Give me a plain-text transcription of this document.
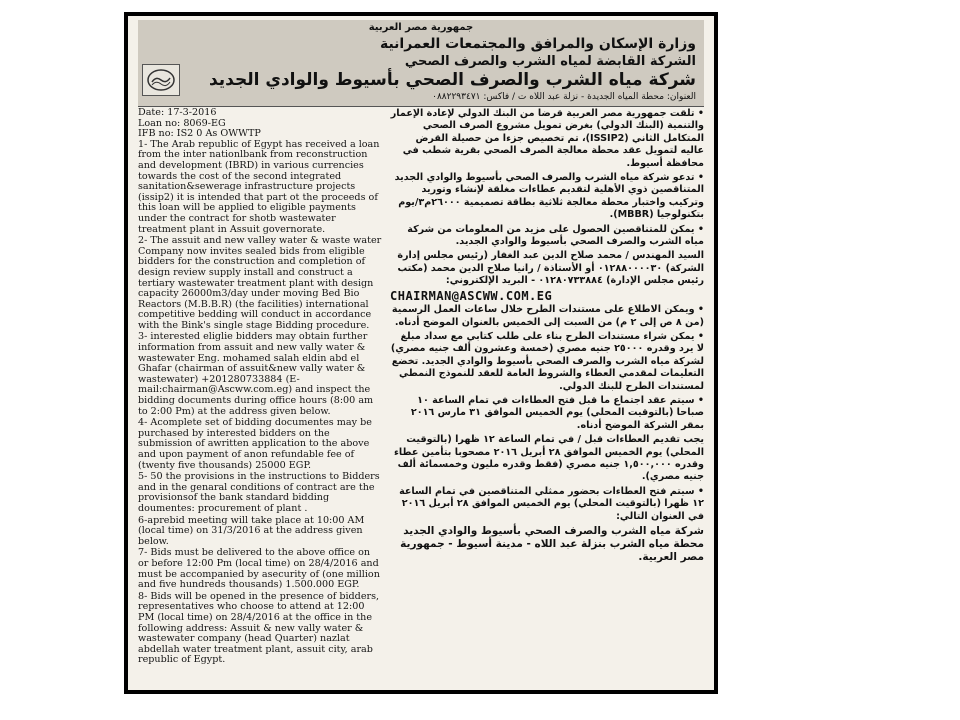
جمهورية مصر العربية
وزارة الإسكان والمرافق والمجتمعات العمرانية
الشركة القابضة لمياه الشرب والصرف الصحي
شركة مياه الشرب والصرف الصحي بأسيوط والوادي الجديد
العنوان: محطة المياه الجديدة - نزلة عبد اللاه ت / فاكس: ٠٨٨٢٢٩٣٤٧١

Date: 17-3-2016

Loan no: 8069-EG

IFB no: IS2 0 As OWWTP

1- The Arab republic of Egypt has received a loan from the inter nationlbank from reconstruction and development (IBRD) in various currencies towards the cost of the second integrated sanitation&sewerage infrastructure projects (issip2) it is intended that part ot the proceeds of this loan will be applied to eligible payments under the contract for shotb wastewater treatment plant in Assuit governorate.
2- The assuit and new valley water & waste water Company now invites sealed bids from eligible bidders for the construction and completion of design review supply install and construct a tertiary wastewater treatment plant with design capacity 26000m3/day under moving Bed Bio Reactors (M.B.B.R) (the facilities) international competitive bedding will conduct in accordance with the Bink's single stage Bidding procedure.
3- interested eliglie bidders may obtain further information from assuit and new vally water & wastewater Eng. mohamed salah eldin abd el Ghafar (chairman of assuit&new vally water & wastewater) +201280733884 (E-mail:chairman@Ascww.com.eg) and inspect the bidding documents during office hours (8:00 am to 2:00 Pm) at the address given below.
4- Acomplete set of bidding documentes may be purchased by interested bidders on the submission of awritten application to the above and upon payment of anon refundable fee of (twenty five thousands) 25000 EGP.
5- 50 the provisions in the instructions to Bidders and in the genaral conditions of contract are the provisionsof the bank standard bidding doumentes: procurement of plant .
6-aprebid meeting will take place at 10:00 AM (local time) on 31/3/2016 at the address given below.
7- Bids must be delivered to the above office on or before 12:00 Pm (local time) on 28/4/2016 and must be accompanied by asecurity of (one million and five hundreds thousands) 1.500.000 EGP.
8- Bids will be opened in the presence of bidders, representatives who choose to attend at 12:00 PM (local time) on 28/4/2016 at the office in the following address: Assuit & new vally water & wastewater company (head Quarter) nazlat abdellah water treatment plant, assuit city, arab republic of Egypt.

• تلقت جمهورية مصر العربية قرضا من البنك الدولي لإعادة الإعمار والتنمية (البنك الدولي) بغرض تمويل مشروع الصرف الصحي المتكامل الثاني (ISSIP2)، تم تخصيص جزءا من حصيلة القرض عاليه لتمويل عقد محطة معالجة الصرف الصحي بقرية شطب في محافظة أسيوط.

• تدعو شركة مياه الشرب والصرف الصحي بأسيوط والوادي الجديد المتناقصين ذوي الأهلية لتقديم عطاءات مغلقة لإنشاء وتوريد وتركيب واختبار محطة معالجة ثلاثية بطاقة تصميمية ٢٦٠٠٠م٣/يوم بتكنولوجيا (MBBR).

• يمكن للمتناقصين الحصول على مزيد من المعلومات من شركة مياه الشرب والصرف الصحي بأسيوط والوادي الجديد.

السيد المهندس / محمد صلاح الدين عبد الغفار (رئيس مجلس إدارة الشركة) ٠١٢٨٨٠٠٠٠٣٠ أو الأستاذة / رانيا صلاح الدين محمد (مكتب رئيس مجلس الإدارة) ٠١٢٨٠٧٣٣٨٨٤ - البريد الإلكتروني:

CHAIRMAN@ASCWW.COM.EG

• ويمكن الاطلاع على مستندات الطرح خلال ساعات العمل الرسمية (من ٨ ص إلى ٢ م) من السبت إلى الخميس بالعنوان الموضح أدناه.

• يمكن شراء مستندات الطرح بناء على طلب كتابي مع سداد مبلغ لا يرد وقدره ٢٥٠٠٠ جنيه مصري (خمسة وعشرون ألف جنيه مصري) لشركة مياه الشرب والصرف الصحي بأسيوط والوادي الجديد. تخضع التعليمات لمقدمي العطاء والشروط العامة للعقد للنموذج النمطي لمستندات الطرح للبنك الدولي.

• سيتم عقد اجتماع ما قبل فتح العطاءات في تمام الساعة ١٠ صباحا (بالتوقيت المحلي) يوم الخميس الموافق ٣١ مارس ٢٠١٦ بمقر الشركة الموضح أدناه.

يجب تقديم العطاءات قبل / في تمام الساعة ١٢ ظهرا (بالتوقيت المحلي) يوم الخميس الموافق ٢٨ أبريل ٢٠١٦ مصحوبا بتأمين عطاء وقدره ١,٥٠٠,٠٠٠ جنيه مصري (فقط وقدره مليون وخمسمائة ألف جنيه مصري).

• سيتم فتح العطاءات بحضور ممثلي المتناقصين في تمام الساعة ١٢ ظهرا (بالتوقيت المحلي) يوم الخميس الموافق ٢٨ أبريل ٢٠١٦ في العنوان التالي:

شركة مياه الشرب والصرف الصحي بأسيوط والوادي الجديد محطة مياه الشرب بنزلة عبد اللاه - مدينة أسيوط - جمهورية مصر العربية.
